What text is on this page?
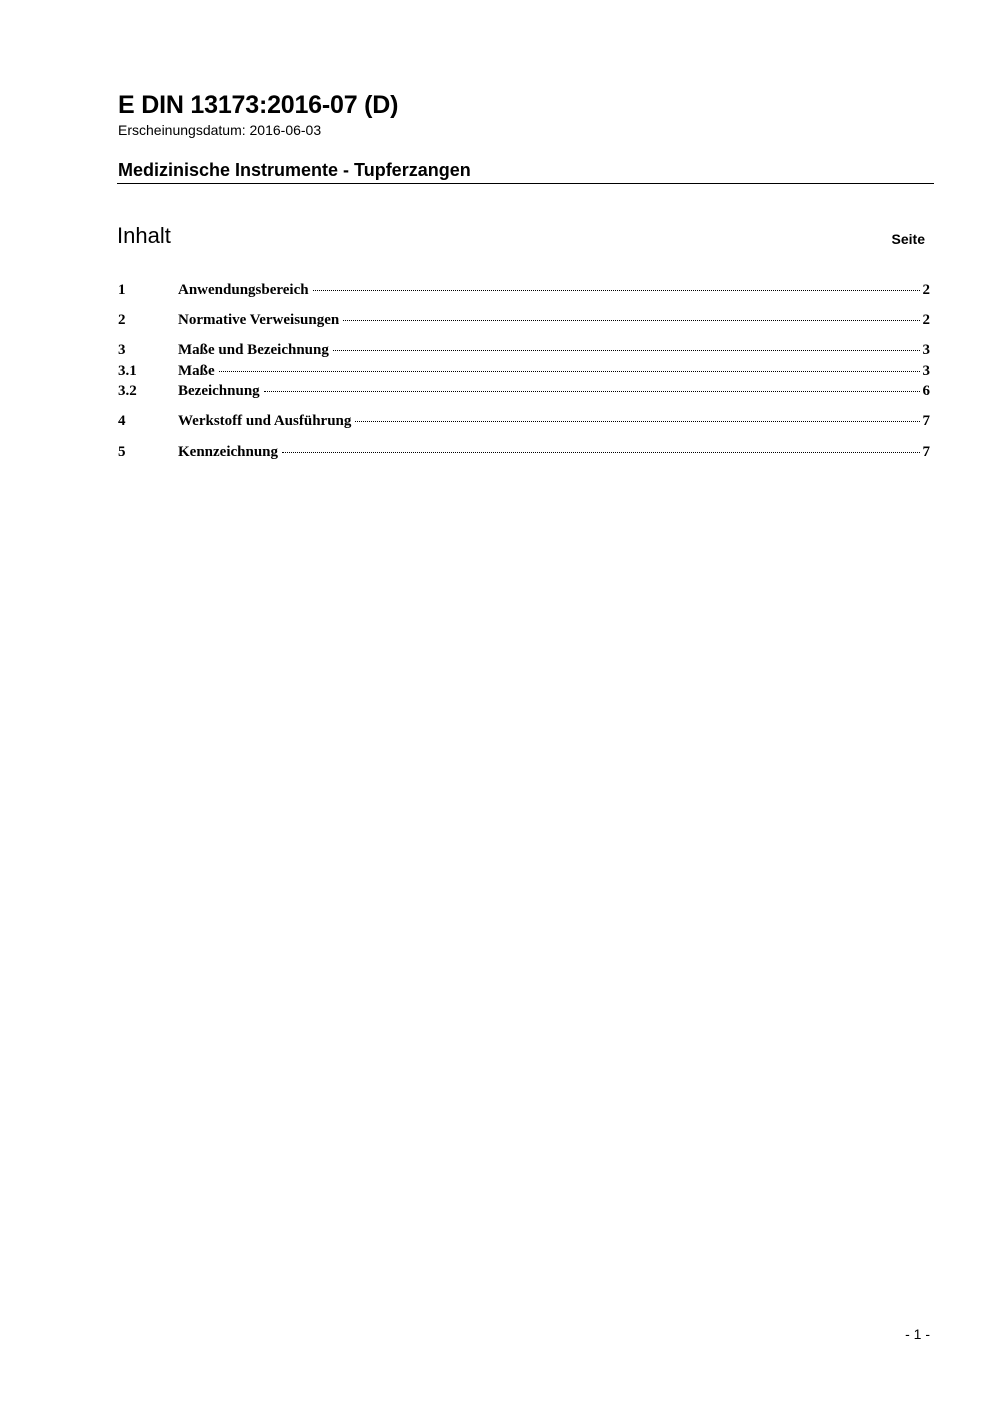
E DIN 13173:2016-07 (D)
Erscheinungsdatum: 2016-06-03
Medizinische Instrumente - Tupferzangen
Inhalt	Seite
1	Anwendungsbereich	2
2	Normative Verweisungen	2
3	Maße und Bezeichnung	3
3.1	Maße	3
3.2	Bezeichnung	6
4	Werkstoff und Ausführung	7
5	Kennzeichnung	7
- 1 -
